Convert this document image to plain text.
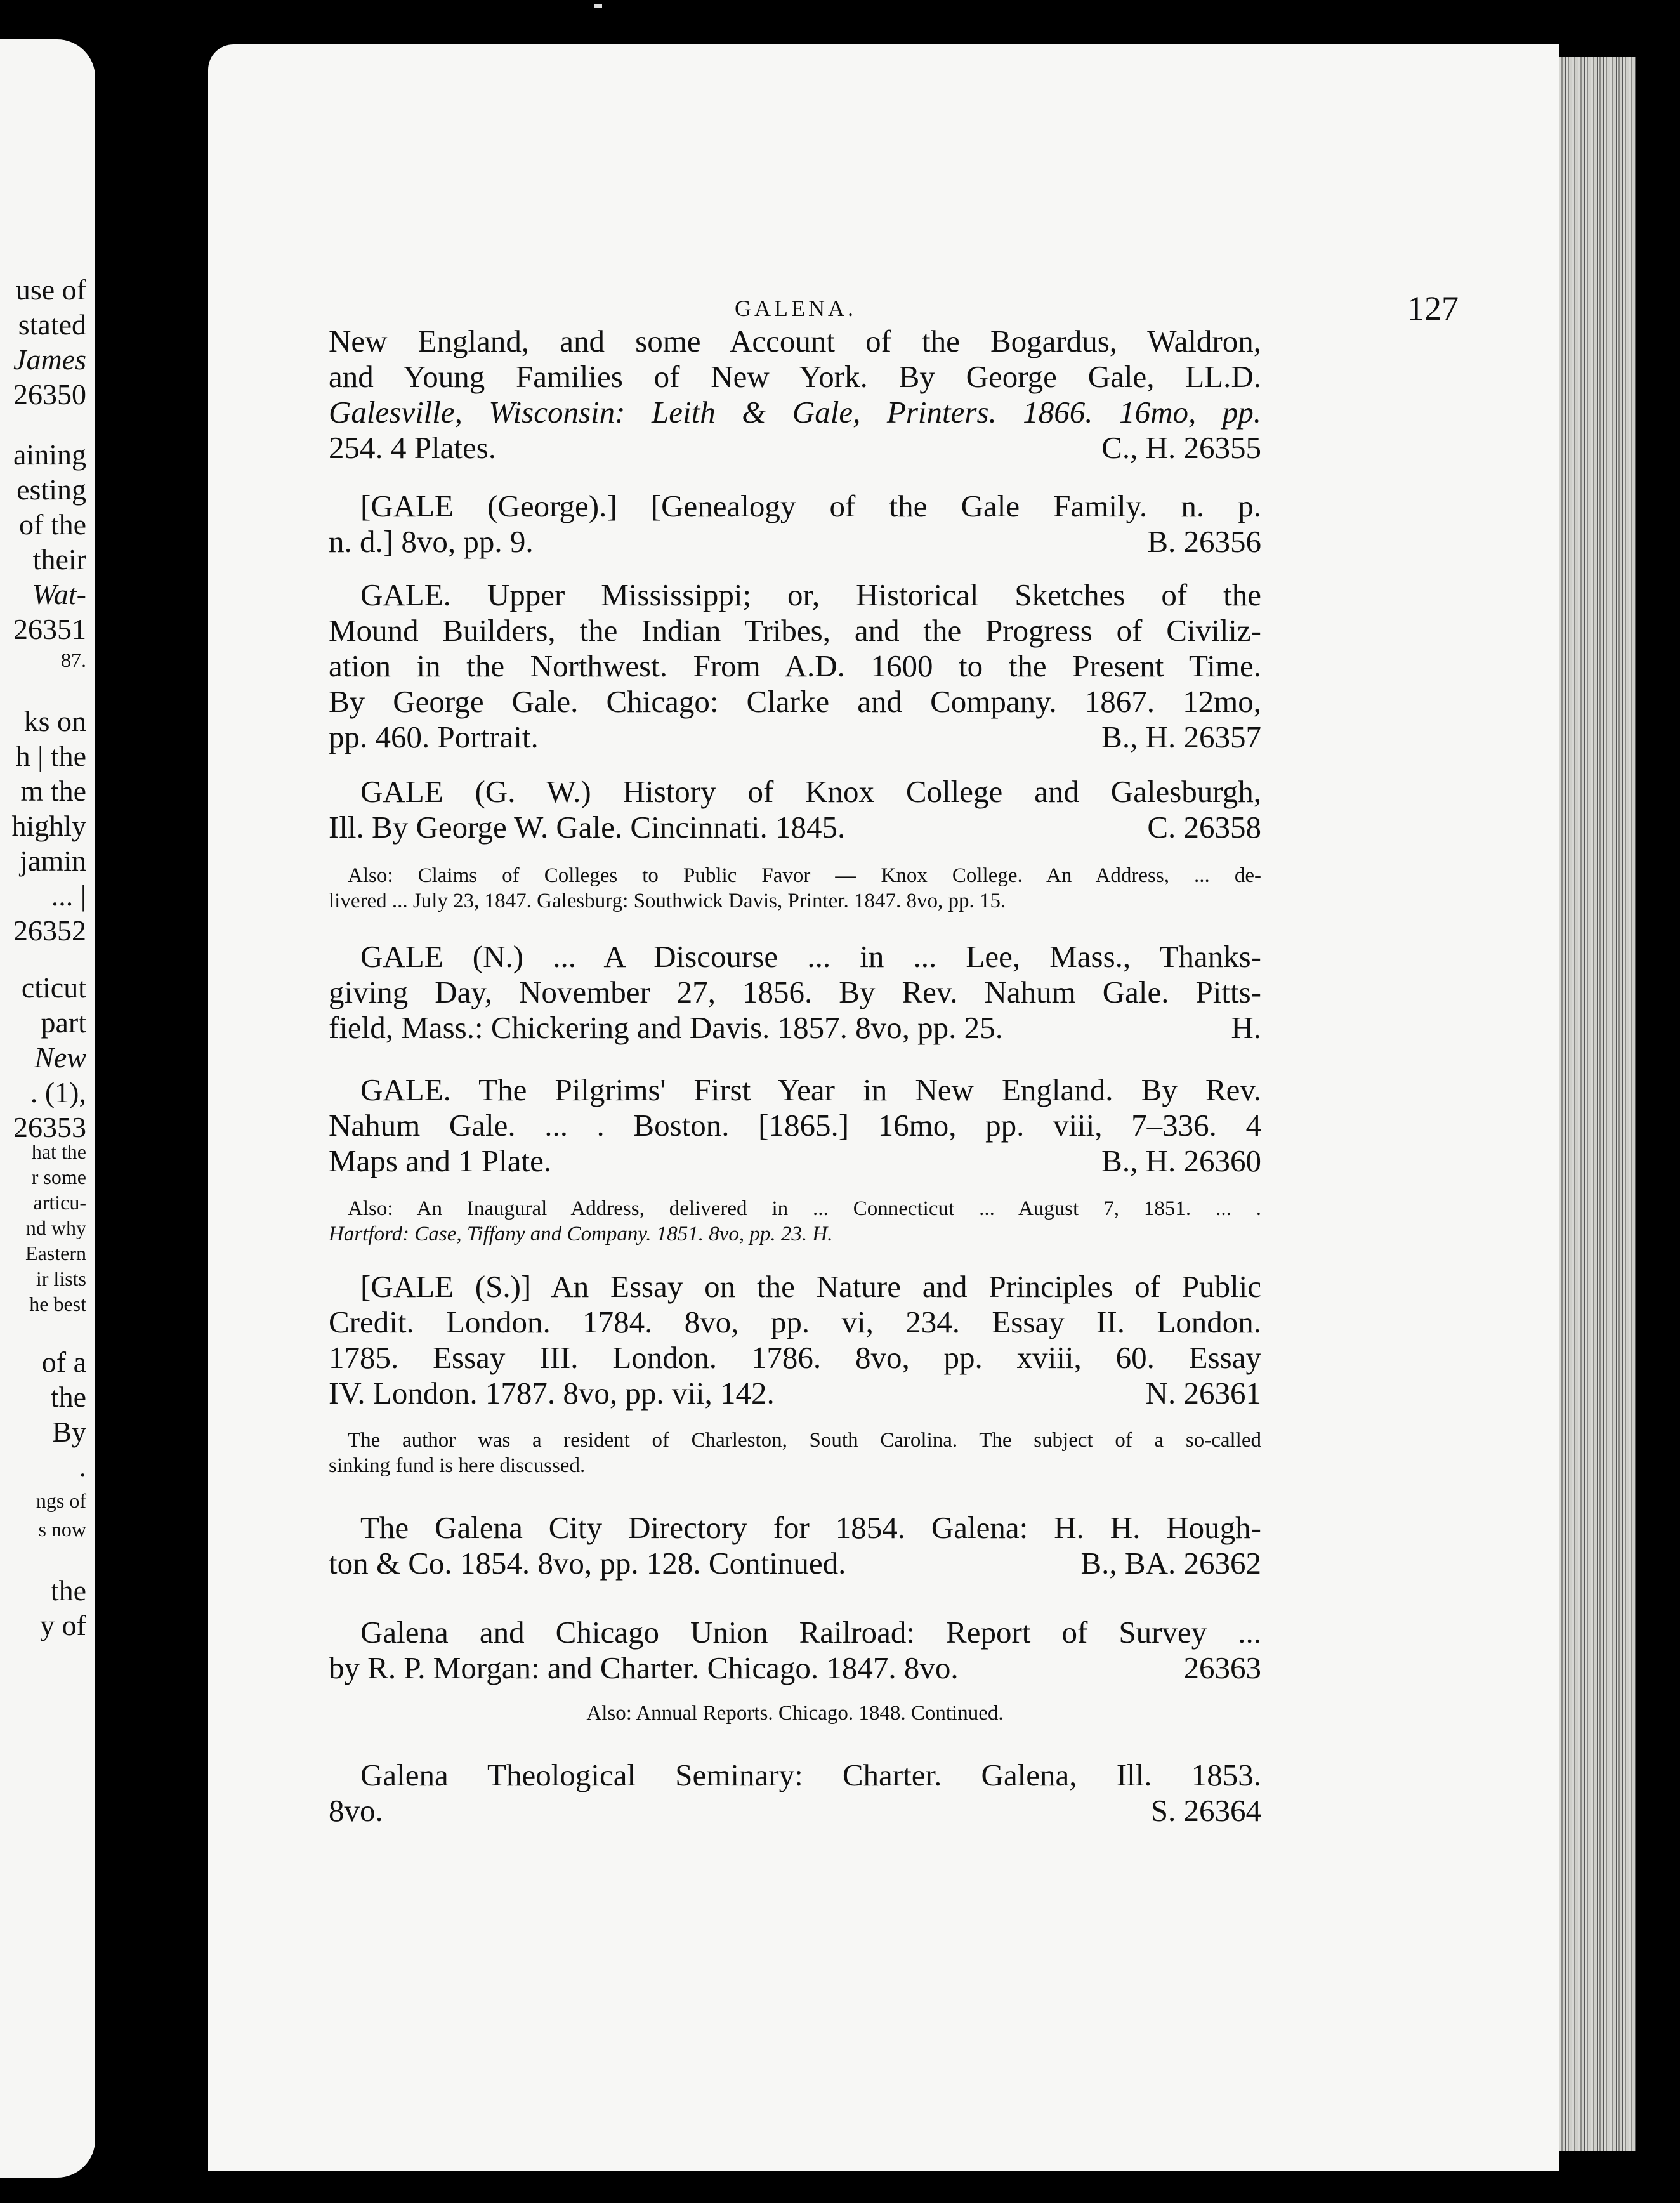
use of
stated
James
26350
aining
esting
of the
their
Wat-
26351
87.
ks on
h | the
m the
highly
jamin
... |
26352
cticut
part
New
. (1),
26353
hat the
r some
articu-
nd why
Eastern
ir lists
he best
of a
the
By
.
ngs of
s now
the
y of
GALENA.	127
New England, and some Account of the Bogardus, Waldron,
and Young Families of New York. By George Gale, LL.D.
Galesville, Wisconsin: Leith & Gale, Printers. 1866. 16mo, pp.
254. 4 Plates.	C., H. 26355
[GALE (George).] [Genealogy of the Gale Family. n. p.
n. d.] 8vo, pp. 9.	B. 26356
GALE. Upper Mississippi; or, Historical Sketches of the
Mound Builders, the Indian Tribes, and the Progress of Civiliz-
ation in the Northwest. From A.D. 1600 to the Present Time.
By George Gale. Chicago: Clarke and Company. 1867. 12mo,
pp. 460. Portrait.	B., H. 26357
GALE (G. W.) History of Knox College and Galesburgh,
Ill. By George W. Gale. Cincinnati. 1845.	C. 26358
Also: Claims of Colleges to Public Favor — Knox College. An Address, ... de-
livered ... July 23, 1847. Galesburg: Southwick Davis, Printer. 1847. 8vo, pp. 15.
GALE (N.) ... A Discourse ... in ... Lee, Mass., Thanks-
giving Day, November 27, 1856. By Rev. Nahum Gale. Pitts-
field, Mass.: Chickering and Davis. 1857. 8vo, pp. 25.	H.
GALE. The Pilgrims' First Year in New England. By Rev.
Nahum Gale. ... . Boston. [1865.] 16mo, pp. viii, 7–336. 4
Maps and 1 Plate.	B., H. 26360
Also: An Inaugural Address, delivered in ... Connecticut ... August 7, 1851. ... .
Hartford: Case, Tiffany and Company. 1851. 8vo, pp. 23. H.
[GALE (S.)] An Essay on the Nature and Principles of Public
Credit. London. 1784. 8vo, pp. vi, 234. Essay II. London.
1785. Essay III. London. 1786. 8vo, pp. xviii, 60. Essay
IV. London. 1787. 8vo, pp. vii, 142.	N. 26361
The author was a resident of Charleston, South Carolina. The subject of a so-called
sinking fund is here discussed.
The Galena City Directory for 1854. Galena: H. H. Hough-
ton & Co. 1854. 8vo, pp. 128. Continued.	B., BA. 26362
Galena and Chicago Union Railroad: Report of Survey ...
by R. P. Morgan: and Charter. Chicago. 1847. 8vo.	26363
Also: Annual Reports. Chicago. 1848. Continued.
Galena Theological Seminary: Charter. Galena, Ill. 1853.
8vo.	S. 26364
